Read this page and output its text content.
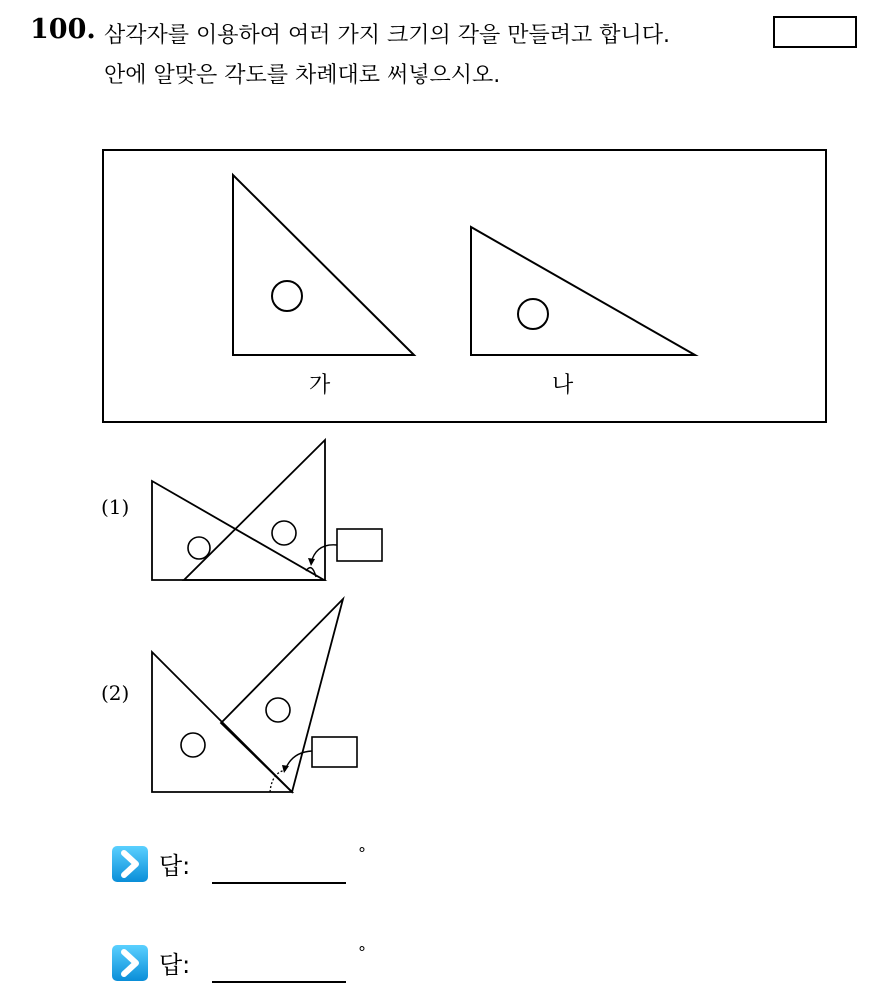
100. 삼각자를 이용하여 여러 가지 크기의 각을 만들려고 합니다.
안에 알맞은 각도를 차례대로 써넣으시오.
가	나
(1)
(2)
답:	°
답:	°
